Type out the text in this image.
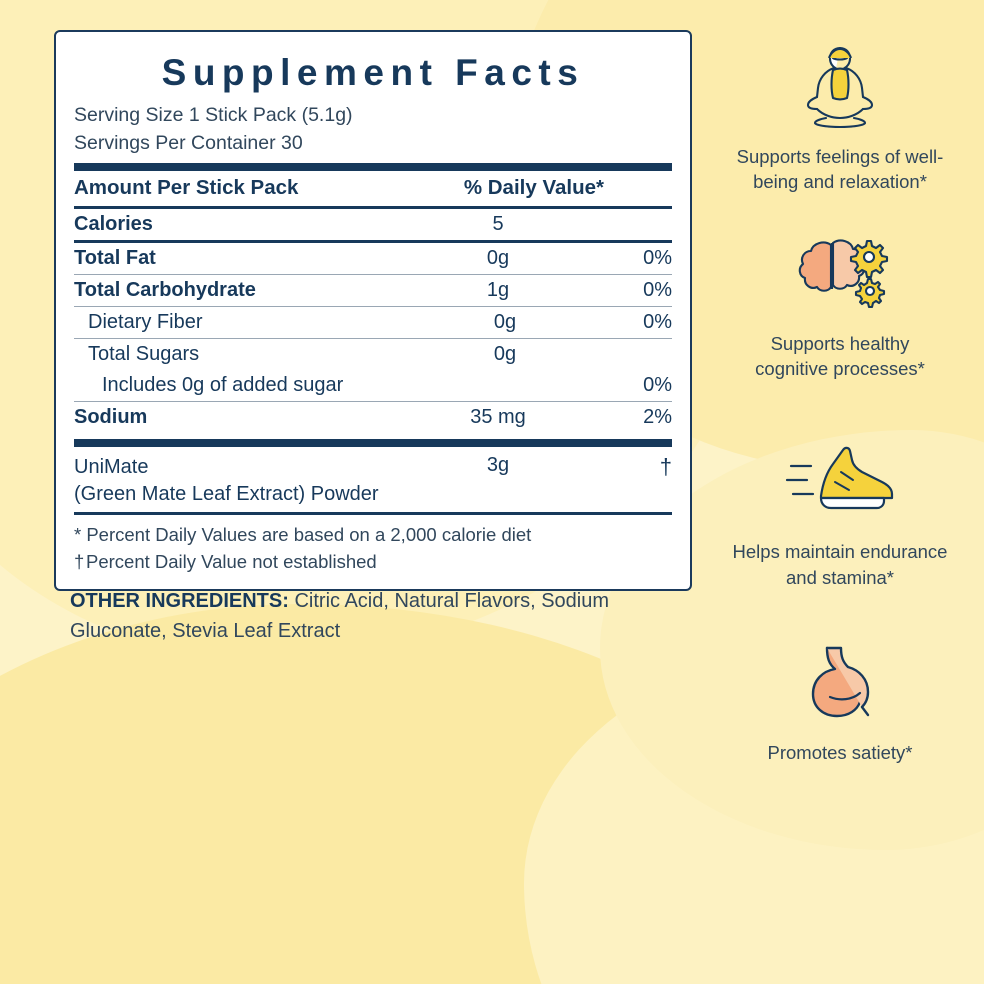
Supplement Facts
Serving Size 1 Stick Pack (5.1g)
Servings Per Container 30
Amount Per Stick Pack	% Daily Value*
Calories	5
Total Fat	0g	0%
Total Carbohydrate	1g	0%
Dietary Fiber	0g	0%
Total Sugars	0g
Includes 0g of added sugar	0%
Sodium	35 mg	2%
UniMate
(Green Mate Leaf Extract) Powder
3g	†
* Percent Daily Values are based on a 2,000 calorie diet
†Percent Daily Value not established
OTHER INGREDIENTS: Citric Acid, Natural Flavors, Sodium Gluconate, Stevia Leaf Extract
Supports feelings of well-being and relaxation*
Supports healthy cognitive processes*
Helps maintain endurance and stamina*
Promotes satiety*
